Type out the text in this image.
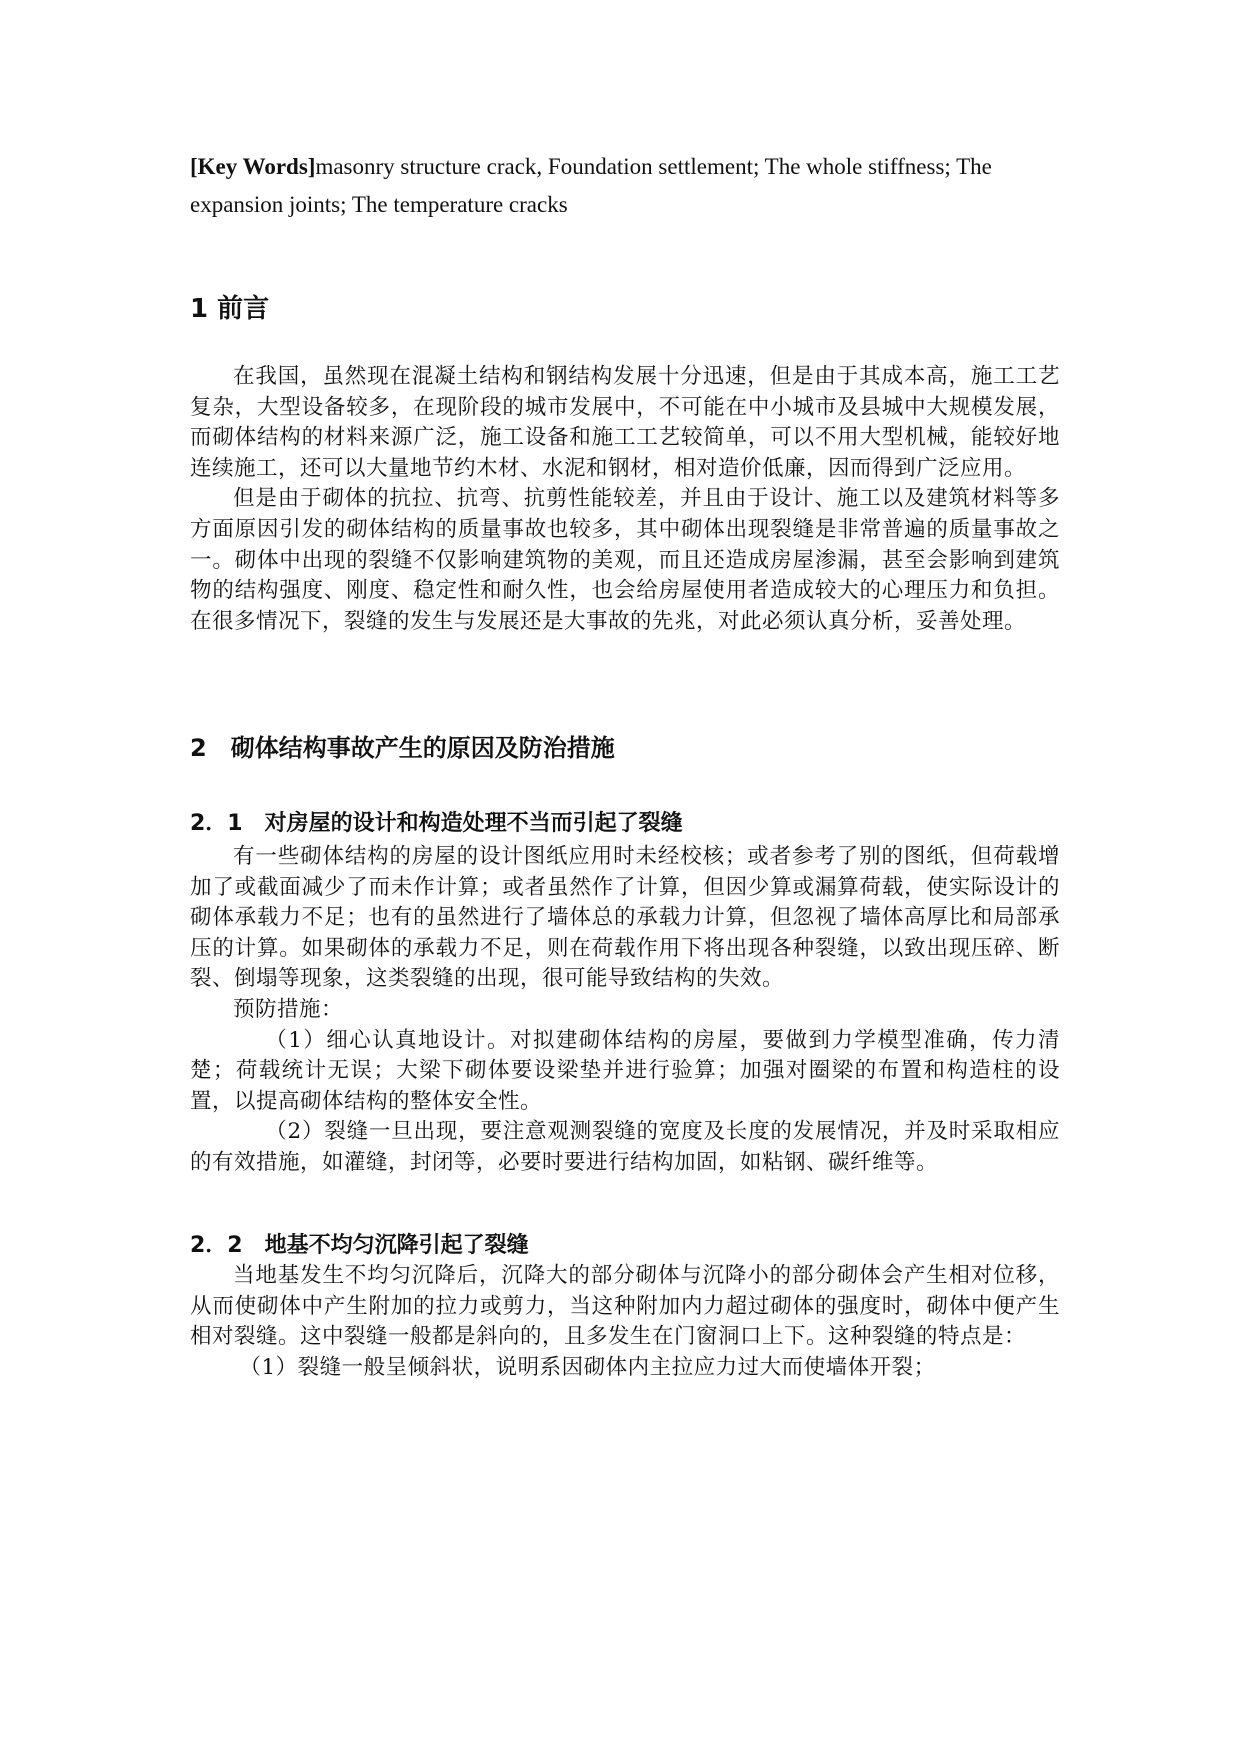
[Key Words]masonry structure crack, Foundation settlement; The whole stiffness; The expansion joints; The temperature cracks

1 前言

在我国，虽然现在混凝土结构和钢结构发展十分迅速，但是由于其成本高，施工工艺复杂，大型设备较多，在现阶段的城市发展中，不可能在中小城市及县城中大规模发展，而砌体结构的材料来源广泛，施工设备和施工工艺较简单，可以不用大型机械，能较好地连续施工，还可以大量地节约木材、水泥和钢材，相对造价低廉，因而得到广泛应用。

但是由于砌体的抗拉、抗弯、抗剪性能较差，并且由于设计、施工以及建筑材料等多方面原因引发的砌体结构的质量事故也较多，其中砌体出现裂缝是非常普遍的质量事故之一。砌体中出现的裂缝不仅影响建筑物的美观，而且还造成房屋渗漏，甚至会影响到建筑物的结构强度、刚度、稳定性和耐久性，也会给房屋使用者造成较大的心理压力和负担。在很多情况下，裂缝的发生与发展还是大事故的先兆，对此必须认真分析，妥善处理。

2　砌体结构事故产生的原因及防治措施
2．1　对房屋的设计和构造处理不当而引起了裂缝

有一些砌体结构的房屋的设计图纸应用时未经校核；或者参考了别的图纸，但荷载增加了或截面减少了而未作计算；或者虽然作了计算，但因少算或漏算荷载，使实际设计的砌体承载力不足；也有的虽然进行了墙体总的承载力计算，但忽视了墙体高厚比和局部承压的计算。如果砌体的承载力不足，则在荷载作用下将出现各种裂缝，以致出现压碎、断裂、倒塌等现象，这类裂缝的出现，很可能导致结构的失效。

预防措施：

（1）细心认真地设计。对拟建砌体结构的房屋，要做到力学模型准确，传力清楚；荷载统计无误；大梁下砌体要设梁垫并进行验算；加强对圈梁的布置和构造柱的设置，以提高砌体结构的整体安全性。

（2）裂缝一旦出现，要注意观测裂缝的宽度及长度的发展情况，并及时采取相应的有效措施，如灌缝，封闭等，必要时要进行结构加固，如粘钢、碳纤维等。

2．2　地基不均匀沉降引起了裂缝

当地基发生不均匀沉降后，沉降大的部分砌体与沉降小的部分砌体会产生相对位移，从而使砌体中产生附加的拉力或剪力，当这种附加内力超过砌体的强度时，砌体中便产生相对裂缝。这中裂缝一般都是斜向的，且多发生在门窗洞口上下。这种裂缝的特点是：

（1）裂缝一般呈倾斜状，说明系因砌体内主拉应力过大而使墙体开裂；
